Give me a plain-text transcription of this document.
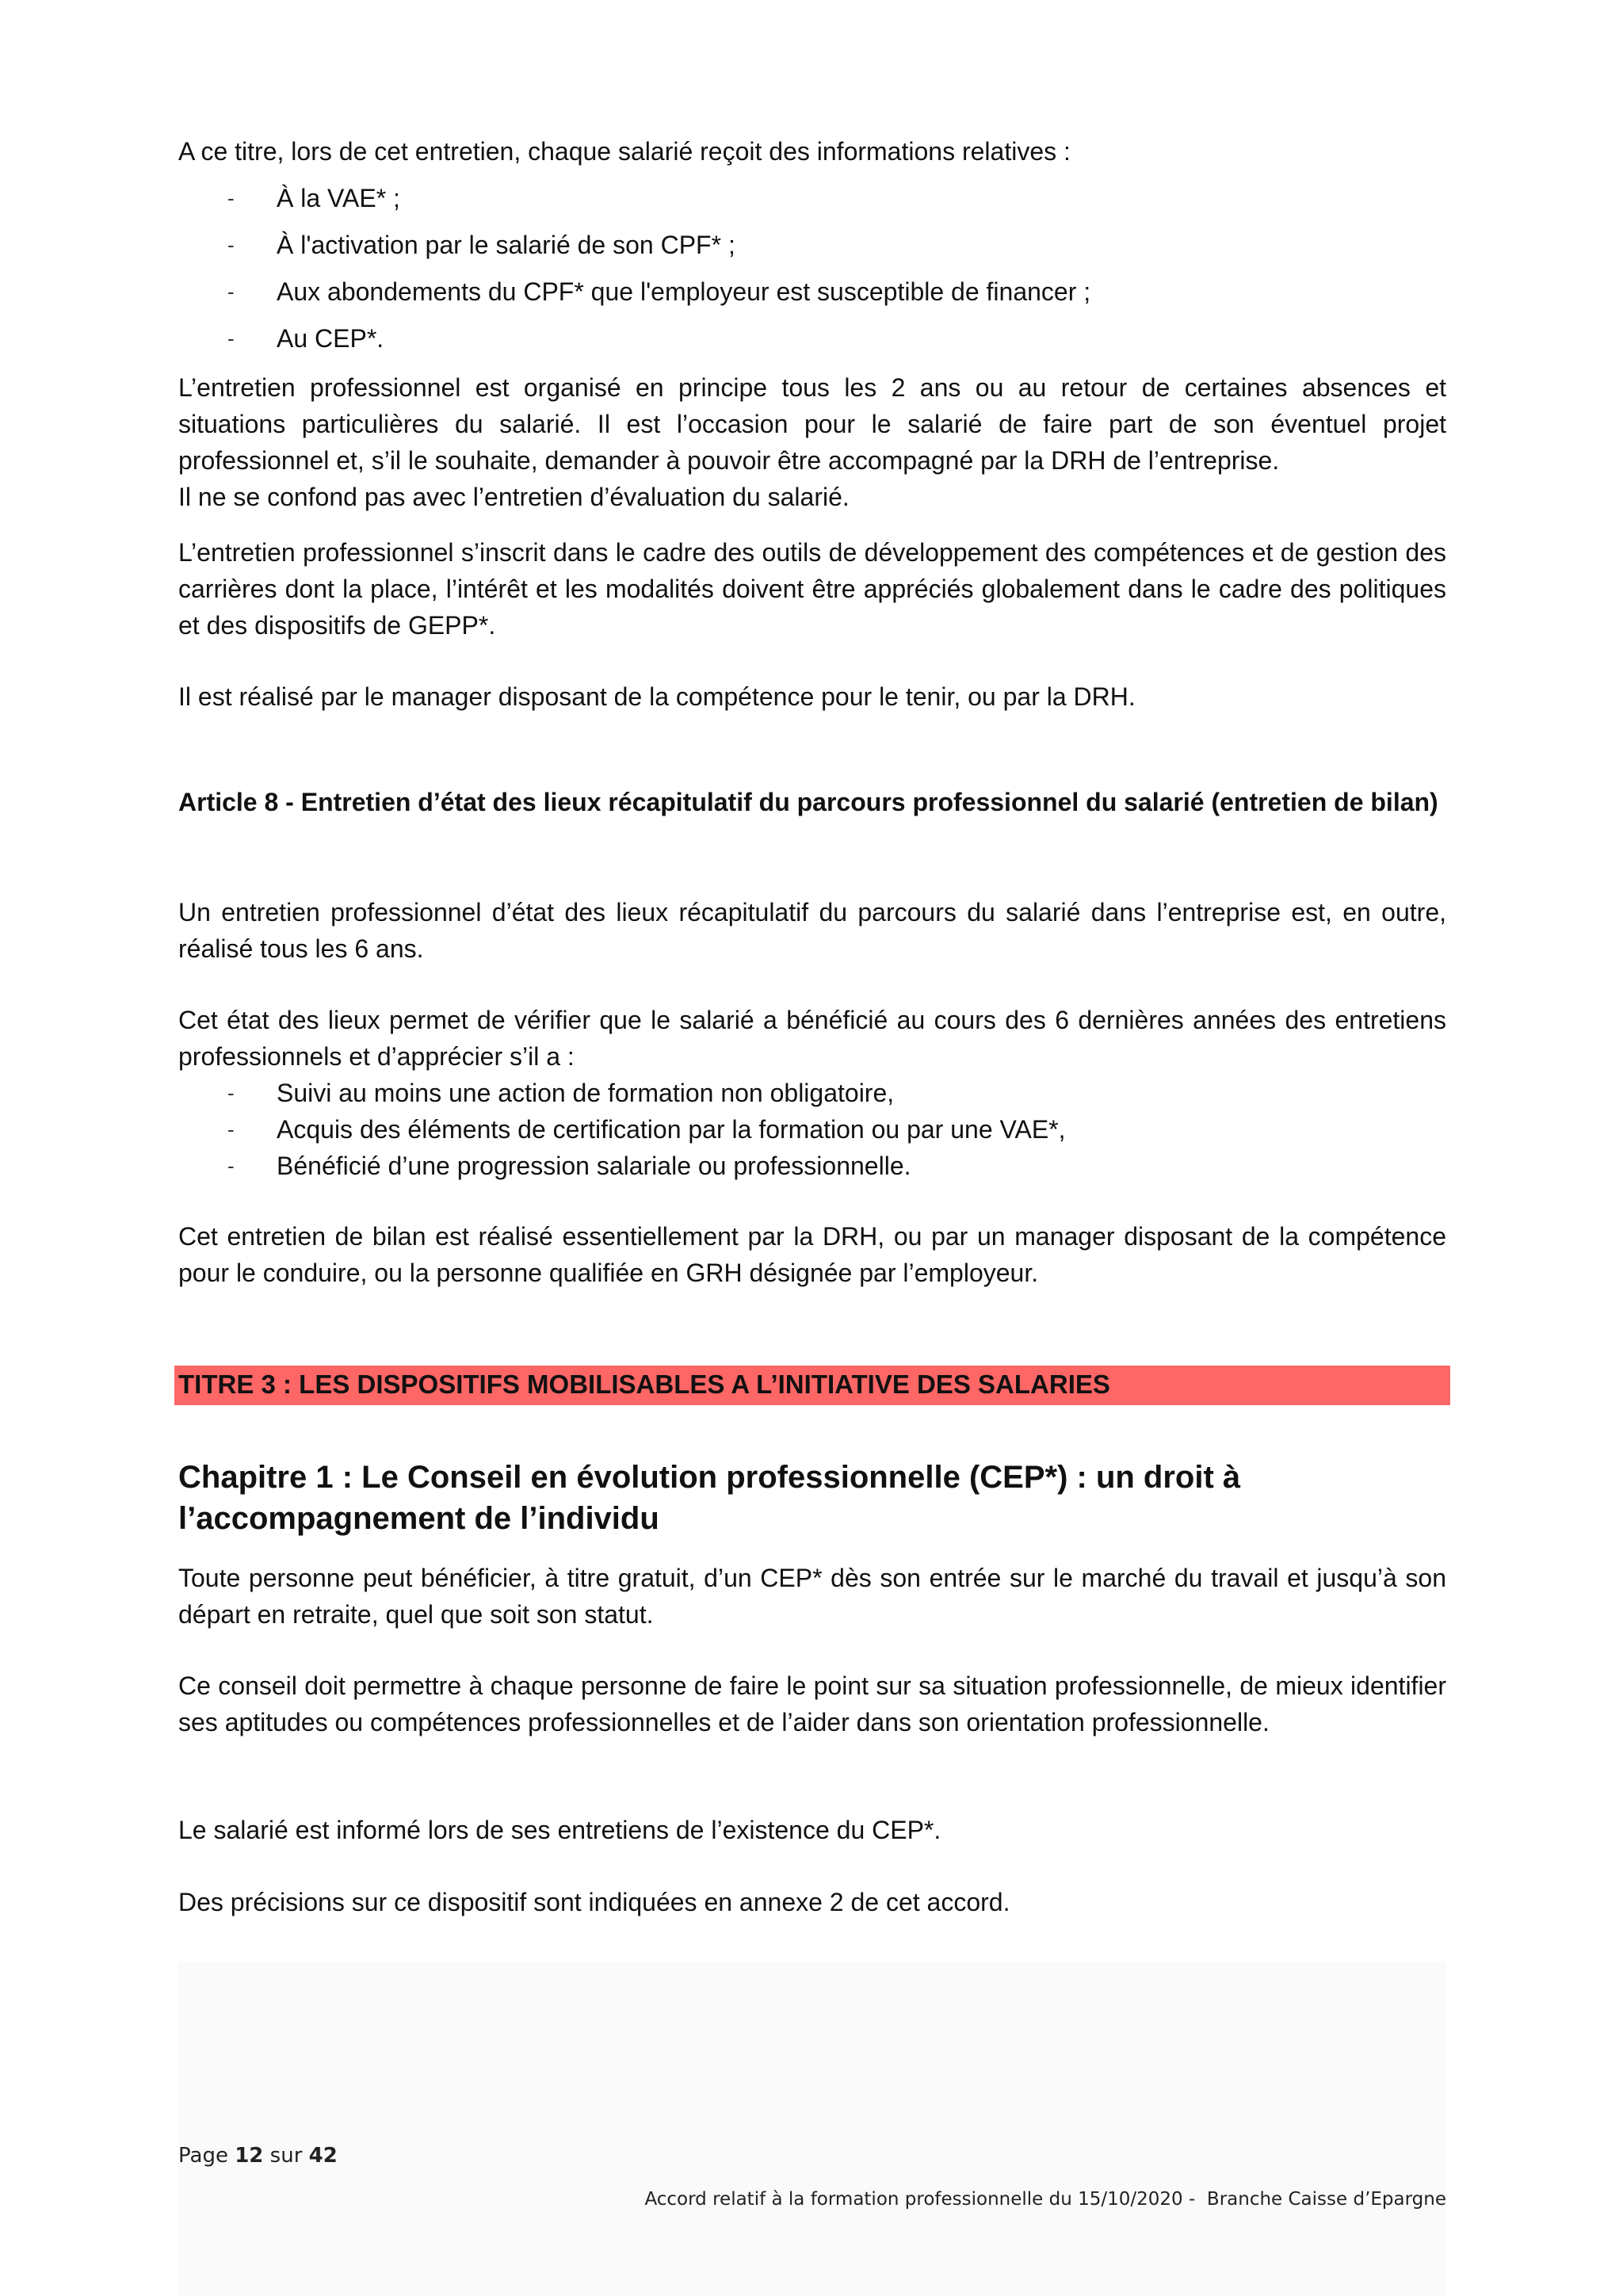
A ce titre, lors de cet entretien, chaque salarié reçoit des informations relatives :

- À la VAE* ;
- À l'activation par le salarié de son CPF* ;
- Aux abondements du CPF* que l'employeur est susceptible de financer ;
- Au CEP*.
L’entretien professionnel est organisé en principe tous les 2 ans ou au retour de certaines absences et
situations particulières du salarié. Il est l’occasion pour le salarié de faire part de son éventuel projet
professionnel et, s’il le souhaite, demander à pouvoir être accompagné par la DRH de l’entreprise.
Il ne se confond pas avec l’entretien d’évaluation du salarié.

L’entretien professionnel s’inscrit dans le cadre des outils de développement des compétences et de gestion des carrières dont la place, l’intérêt et les modalités doivent être appréciés globalement dans le cadre des politiques et des dispositifs de GEPP*.

Il est réalisé par le manager disposant de la compétence pour le tenir, ou par la DRH.

Article 8 - Entretien d’état des lieux récapitulatif du parcours professionnel du salarié (entretien de bilan)

Un entretien professionnel d’état des lieux récapitulatif du parcours du salarié dans l’entreprise est, en outre, réalisé tous les 6 ans.

Cet état des lieux permet de vérifier que le salarié a bénéficié au cours des 6 dernières années des entretiens professionnels et d’apprécier s’il a :

- Suivi au moins une action de formation non obligatoire,
- Acquis des éléments de certification par la formation ou par une VAE*,
- Bénéficié d’une progression salariale ou professionnelle.

Cet entretien de bilan est réalisé essentiellement par la DRH, ou par un manager disposant de la compétence pour le conduire, ou la personne qualifiée en GRH désignée par l’employeur.

TITRE 3 : LES DISPOSITIFS MOBILISABLES A L’INITIATIVE DES SALARIES

Chapitre 1 : Le Conseil en évolution professionnelle (CEP*) : un droit à l’accompagnement de l’individu

Toute personne peut bénéficier, à titre gratuit, d’un CEP* dès son entrée sur le marché du travail et jusqu’à son départ en retraite, quel que soit son statut.

Ce conseil doit permettre à chaque personne de faire le point sur sa situation professionnelle, de mieux identifier ses aptitudes ou compétences professionnelles et de l’aider dans son orientation professionnelle.

Le salarié est informé lors de ses entretiens de l’existence du CEP*.

Des précisions sur ce dispositif sont indiquées en annexe 2 de cet accord.

Page 12 sur 42
Accord relatif à la formation professionnelle du 15/10/2020 -  Branche Caisse d’Epargne
